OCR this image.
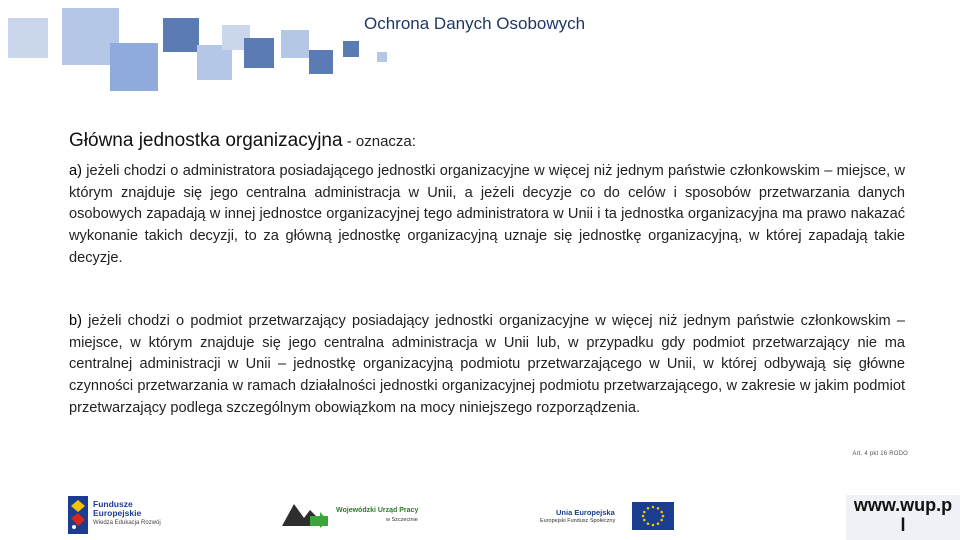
Ochrona Danych Osobowych
Główna jednostka organizacyjna - oznacza:
a) jeżeli chodzi o administratora posiadającego jednostki organizacyjne w więcej niż jednym państwie członkowskim – miejsce, w którym znajduje się jego centralna administracja w Unii, a jeżeli decyzje co do celów i sposobów przetwarzania danych osobowych zapadają w innej jednostce organizacyjnej tego administratora w Unii i ta jednostka organizacyjna ma prawo nakazać wykonanie takich decyzji, to za główną jednostkę organizacyjną uznaje się jednostkę organizacyjną, w której zapadają takie decyzje.
b) jeżeli chodzi o podmiot przetwarzający posiadający jednostki organizacyjne w więcej niż jednym państwie członkowskim – miejsce, w którym znajduje się jego centralna administracja w Unii lub, w przypadku gdy podmiot przetwarzający nie ma centralnej administracji w Unii – jednostkę organizacyjną podmiotu przetwarzającego w Unii, w której odbywają się główne czynności przetwarzania w ramach działalności jednostki organizacyjnej podmiotu przetwarzającego, w zakresie w jakim podmiot przetwarzający podlega szczególnym obowiązkom na mocy niniejszego rozporządzenia.
Art. 4 pkt 16 RODO
Fundusze
Europejskie
Wiedza Edukacja Rozwój
Wojewódzki Urząd Pracy
w Szczecinie
Unia Europejska
Europejski Fundusz Społeczny
www.wup.p
l
